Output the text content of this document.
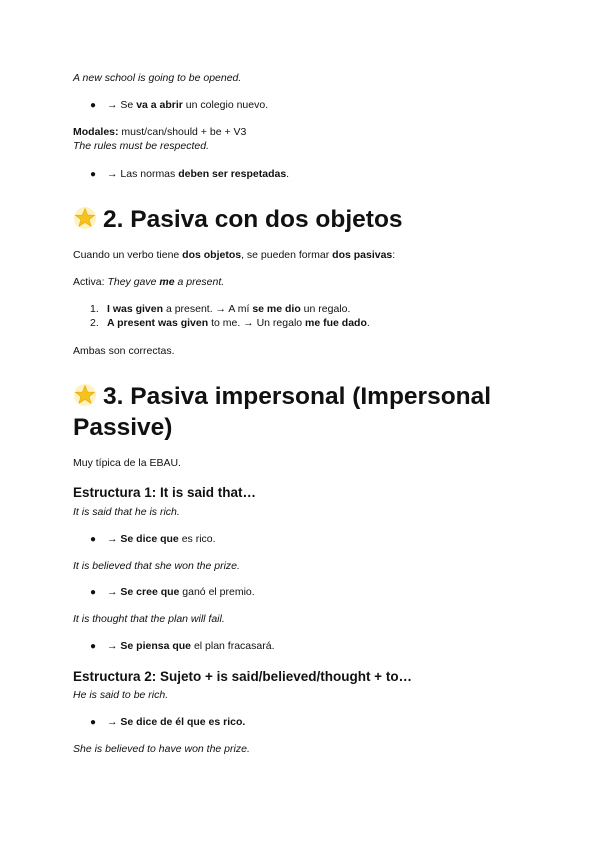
A new school is going to be opened.
● → Se va a abrir un colegio nuevo.
Modales: must/can/should + be + V3
The rules must be respected.
● → Las normas deben ser respetadas.
2. Pasiva con dos objetos
Cuando un verbo tiene dos objetos, se pueden formar dos pasivas:
Activa: They gave me a present.
1. I was given a present. → A mí se me dio un regalo.
2. A present was given to me. → Un regalo me fue dado.
Ambas son correctas.
3. Pasiva impersonal (Impersonal
Passive)
Muy típica de la EBAU.
Estructura 1: It is said that…
It is said that he is rich.
● → Se dice que es rico.
It is believed that she won the prize.
● → Se cree que ganó el premio.
It is thought that the plan will fail.
● → Se piensa que el plan fracasará.
Estructura 2: Sujeto + is said/believed/thought + to…
He is said to be rich.
● → Se dice de él que es rico.
She is believed to have won the prize.
